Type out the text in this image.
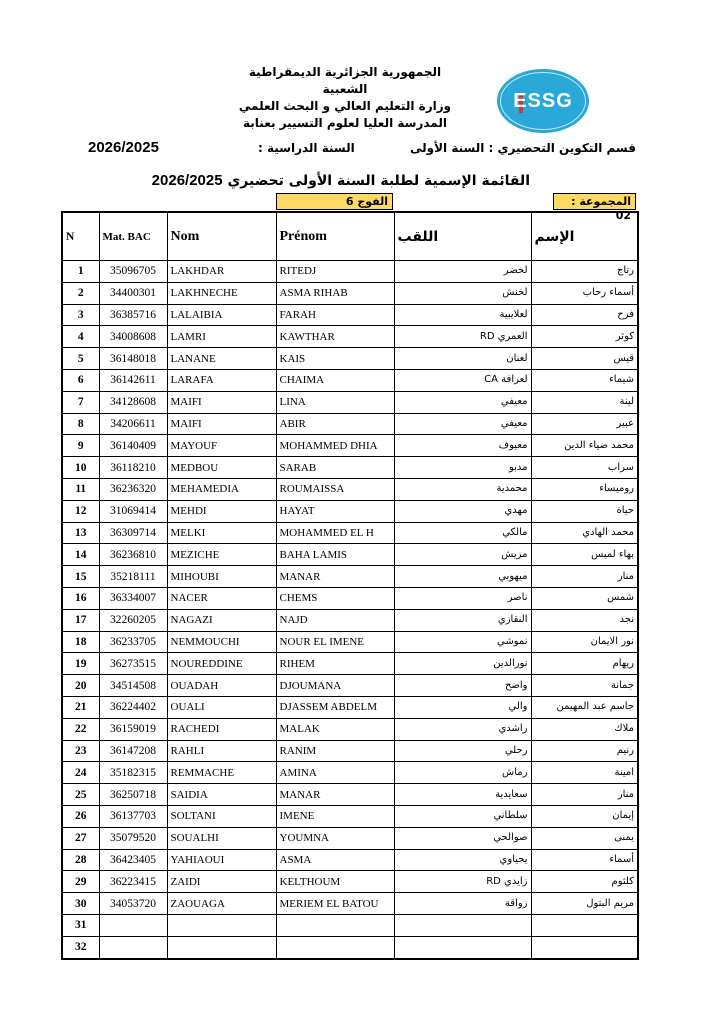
الجمهورية الجزائرية الديمقراطية الشعبية
وزارة التعليم العالي و البحث العلمي
المدرسة العليا لعلوم التسيير بعنابة
ESSG
قسم التكوين التحضيري : السنة الأولى
السنة الدراسية :
2026/2025
القائمة الإسمية لطلبة السنة الأولى تحضيري 2026/2025
الفوج 6	المجموعة : 02
N	Mat. BAC	Nom	Prénom	اللقب	الإسم
1	35096705	LAKHDAR	RITEDJ	لخضر	رتاج
2	34400301	LAKHNECHE	ASMA RIHAB	لخنش	أسماء رحاب
3	36385716	LALAIBIA	FARAH	لعلايبية	فرح
4	34008608	LAMRI	KAWTHAR	العمري RD	كوثر
5	36148018	LANANE	KAIS	لعنان	قيس
6	36142611	LARAFA	CHAIMA	لعرافة CA	شيماء
7	34128608	MAIFI	LINA	معيفي	لينة
8	34206611	MAIFI	ABIR	معيفي	عبير
9	36140409	MAYOUF	MOHAMMED DHIA	معيوف	محمد ضياء الدين
10	36118210	MEDBOU	SARAB	مدبو	سراب
11	36236320	MEHAMEDIA	ROUMAISSA	محمدية	روميساء
12	31069414	MEHDI	HAYAT	مهدي	حياة
13	36309714	MELKI	MOHAMMED EL H	مالكي	محمد الهادي
14	36236810	MEZICHE	BAHA LAMIS	مزيش	بهاء لميس
15	35218111	MIHOUBI	MANAR	ميهوبي	منار
16	36334007	NACER	CHEMS	ناصر	شمس
17	32260205	NAGAZI	NAJD	النقازي	نجد
18	36233705	NEMMOUCHI	NOUR EL IMENE	نموشي	نور الايمان
19	36273515	NOUREDDINE	RIHEM	نورالدين	ريهام
20	34514508	OUADAH	DJOUMANA	واضح	جمانة
21	36224402	OUALI	DJASSEM ABDELM	والي	جاسم عبد المهيمن
22	36159019	RACHEDI	MALAK	راشدي	ملاك
23	36147208	RAHLI	RANIM	رحلي	رنيم
24	35182315	REMMACHE	AMINA	رماش	امينة
25	36250718	SAIDIA	MANAR	سعايدية	منار
26	36137703	SOLTANI	IMENE	سلطاني	إيمان
27	35079520	SOUALHI	YOUMNA	صوالحي	يمنى
28	36423405	YAHIAOUI	ASMA	يحياوي	أسماء
29	36223415	ZAIDI	KELTHOUM	زايدي RD	كلثوم
30	34053720	ZAOUAGA	MERIEM EL BATOU	زواقة	مريم البتول
31					
32					
